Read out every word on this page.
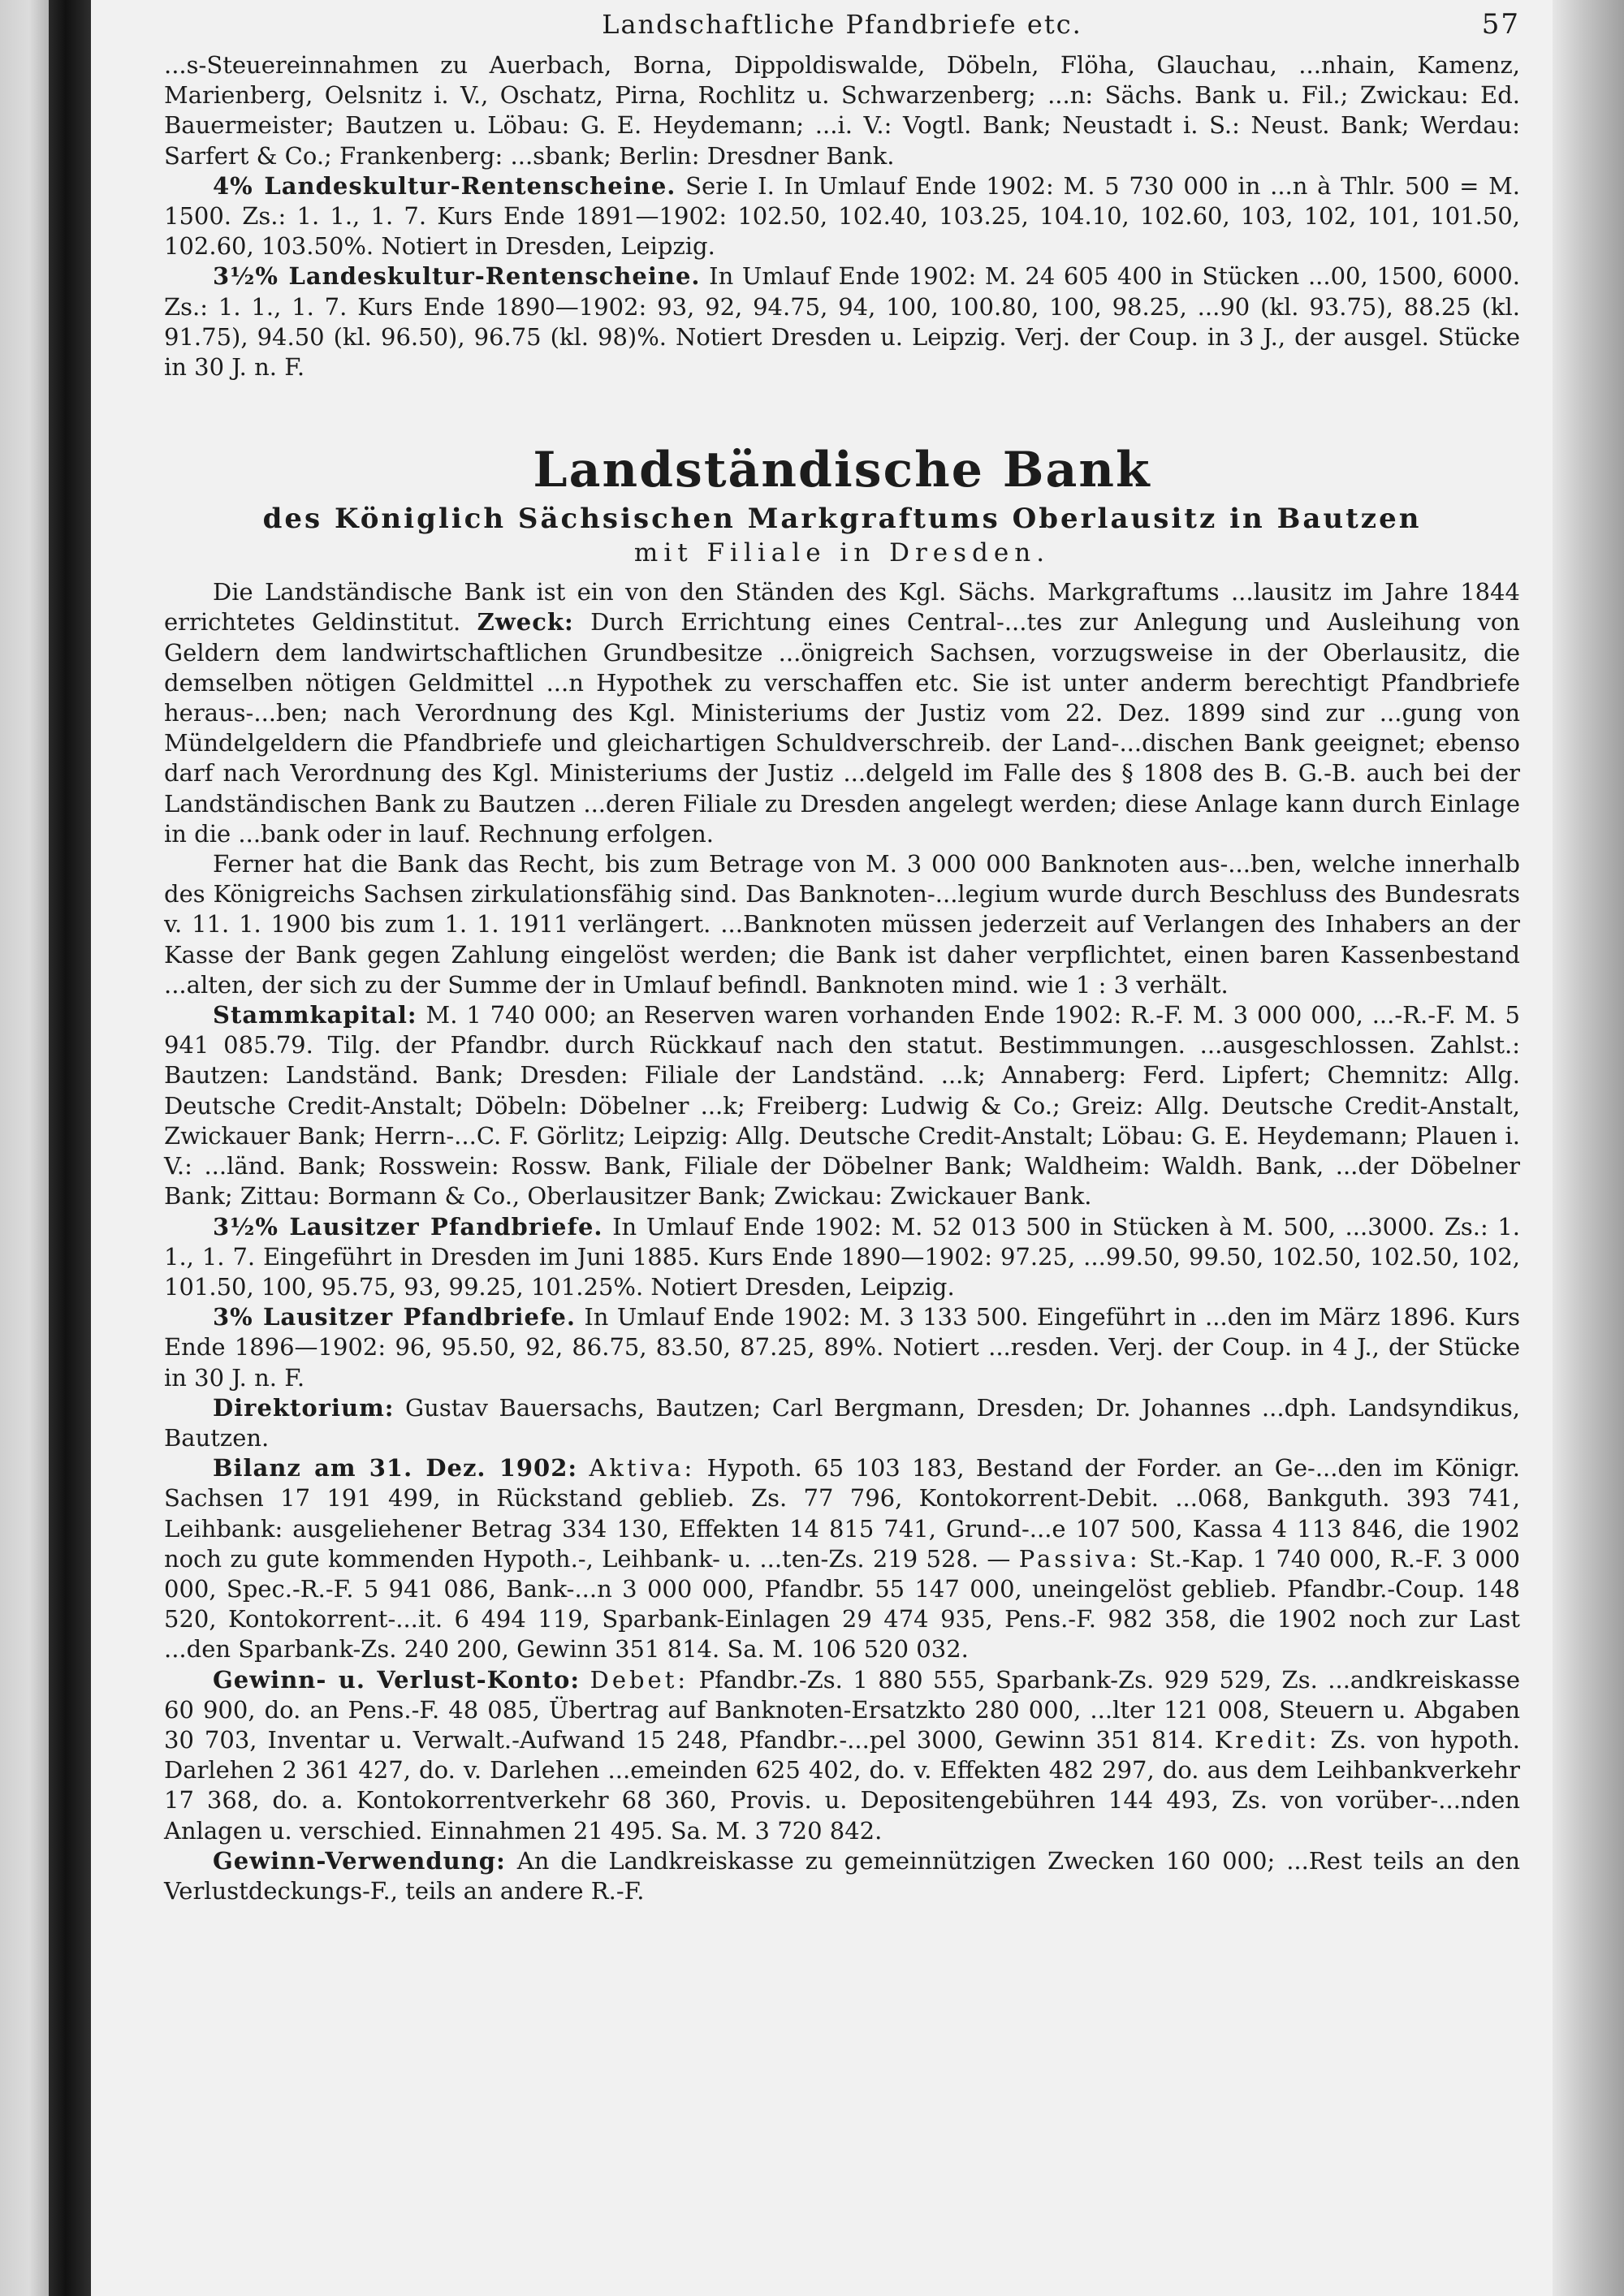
Landschaftliche Pfandbriefe etc.	57

...s-Steuereinnahmen zu Auerbach, Borna, Dippoldiswalde, Döbeln, Flöha, Glauchau, ...nhain, Kamenz, Marienberg, Oelsnitz i. V., Oschatz, Pirna, Rochlitz u. Schwarzenberg; ...n: Sächs. Bank u. Fil.; Zwickau: Ed. Bauermeister; Bautzen u. Löbau: G. E. Heydemann; ...i. V.: Vogtl. Bank; Neustadt i. S.: Neust. Bank; Werdau: Sarfert & Co.; Frankenberg: ...sbank; Berlin: Dresdner Bank.

4% Landeskultur-Rentenscheine. Serie I. In Umlauf Ende 1902: M. 5 730 000 in ...n à Thlr. 500 = M. 1500. Zs.: 1. 1., 1. 7. Kurs Ende 1891—1902: 102.50, 102.40, 103.25, 104.10, 102.60, 103, 102, 101, 101.50, 102.60, 103.50%. Notiert in Dresden, Leipzig.

3½% Landeskultur-Rentenscheine. In Umlauf Ende 1902: M. 24 605 400 in Stücken ...00, 1500, 6000. Zs.: 1. 1., 1. 7. Kurs Ende 1890—1902: 93, 92, 94.75, 94, 100, 100.80, 100, 98.25, ...90 (kl. 93.75), 88.25 (kl. 91.75), 94.50 (kl. 96.50), 96.75 (kl. 98)%. Notiert Dresden u. Leipzig. Verj. der Coup. in 3 J., der ausgel. Stücke in 30 J. n. F.

Landständische Bank
des Königlich Sächsischen Markgraftums Oberlausitz in Bautzen
mit Filiale in Dresden.

Die Landständische Bank ist ein von den Ständen des Kgl. Sächs. Markgraftums ...lausitz im Jahre 1844 errichtetes Geldinstitut. Zweck: Durch Errichtung eines Central-...tes zur Anlegung und Ausleihung von Geldern dem landwirtschaftlichen Grundbesitze ...önigreich Sachsen, vorzugsweise in der Oberlausitz, die demselben nötigen Geldmittel ...n Hypothek zu verschaffen etc. Sie ist unter anderm berechtigt Pfandbriefe heraus-...ben; nach Verordnung des Kgl. Ministeriums der Justiz vom 22. Dez. 1899 sind zur ...gung von Mündelgeldern die Pfandbriefe und gleichartigen Schuldverschreib. der Land-...dischen Bank geeignet; ebenso darf nach Verordnung des Kgl. Ministeriums der Justiz ...delgeld im Falle des § 1808 des B. G.-B. auch bei der Landständischen Bank zu Bautzen ...deren Filiale zu Dresden angelegt werden; diese Anlage kann durch Einlage in die ...bank oder in lauf. Rechnung erfolgen.

Ferner hat die Bank das Recht, bis zum Betrage von M. 3 000 000 Banknoten aus-...ben, welche innerhalb des Königreichs Sachsen zirkulationsfähig sind. Das Banknoten-...legium wurde durch Beschluss des Bundesrats v. 11. 1. 1900 bis zum 1. 1. 1911 verlängert. ...Banknoten müssen jederzeit auf Verlangen des Inhabers an der Kasse der Bank gegen Zahlung eingelöst werden; die Bank ist daher verpflichtet, einen baren Kassenbestand ...alten, der sich zu der Summe der in Umlauf befindl. Banknoten mind. wie 1 : 3 verhält.

Stammkapital: M. 1 740 000; an Reserven waren vorhanden Ende 1902: R.-F. M. 3 000 000, ...-R.-F. M. 5 941 085.79. Tilg. der Pfandbr. durch Rückkauf nach den statut. Bestimmungen. ...ausgeschlossen. Zahlst.: Bautzen: Landständ. Bank; Dresden: Filiale der Landständ. ...k; Annaberg: Ferd. Lipfert; Chemnitz: Allg. Deutsche Credit-Anstalt; Döbeln: Döbelner ...k; Freiberg: Ludwig & Co.; Greiz: Allg. Deutsche Credit-Anstalt, Zwickauer Bank; Herrn-...C. F. Görlitz; Leipzig: Allg. Deutsche Credit-Anstalt; Löbau: G. E. Heydemann; Plauen i. V.: ...länd. Bank; Rosswein: Rossw. Bank, Filiale der Döbelner Bank; Waldheim: Waldh. Bank, ...der Döbelner Bank; Zittau: Bormann & Co., Oberlausitzer Bank; Zwickau: Zwickauer Bank.

3½% Lausitzer Pfandbriefe. In Umlauf Ende 1902: M. 52 013 500 in Stücken à M. 500, ...3000. Zs.: 1. 1., 1. 7. Eingeführt in Dresden im Juni 1885. Kurs Ende 1890—1902: 97.25, ...99.50, 99.50, 102.50, 102.50, 102, 101.50, 100, 95.75, 93, 99.25, 101.25%. Notiert Dresden, Leipzig.

3% Lausitzer Pfandbriefe. In Umlauf Ende 1902: M. 3 133 500. Eingeführt in ...den im März 1896. Kurs Ende 1896—1902: 96, 95.50, 92, 86.75, 83.50, 87.25, 89%. Notiert ...resden. Verj. der Coup. in 4 J., der Stücke in 30 J. n. F.

Direktorium: Gustav Bauersachs, Bautzen; Carl Bergmann, Dresden; Dr. Johannes ...dph. Landsyndikus, Bautzen.

Bilanz am 31. Dez. 1902: Aktiva: Hypoth. 65 103 183, Bestand der Forder. an Ge-...den im Königr. Sachsen 17 191 499, in Rückstand geblieb. Zs. 77 796, Kontokorrent-Debit. ...068, Bankguth. 393 741, Leihbank: ausgeliehener Betrag 334 130, Effekten 14 815 741, Grund-...e 107 500, Kassa 4 113 846, die 1902 noch zu gute kommenden Hypoth.-, Leihbank- u. ...ten-Zs. 219 528. — Passiva: St.-Kap. 1 740 000, R.-F. 3 000 000, Spec.-R.-F. 5 941 086, Bank-...n 3 000 000, Pfandbr. 55 147 000, uneingelöst geblieb. Pfandbr.-Coup. 148 520, Kontokorrent-...it. 6 494 119, Sparbank-Einlagen 29 474 935, Pens.-F. 982 358, die 1902 noch zur Last ...den Sparbank-Zs. 240 200, Gewinn 351 814. Sa. M. 106 520 032.

Gewinn- u. Verlust-Konto: Debet: Pfandbr.-Zs. 1 880 555, Sparbank-Zs. 929 529, Zs. ...andkreiskasse 60 900, do. an Pens.-F. 48 085, Übertrag auf Banknoten-Ersatzkto 280 000, ...lter 121 008, Steuern u. Abgaben 30 703, Inventar u. Verwalt.-Aufwand 15 248, Pfandbr.-...pel 3000, Gewinn 351 814. Kredit: Zs. von hypoth. Darlehen 2 361 427, do. v. Darlehen ...emeinden 625 402, do. v. Effekten 482 297, do. aus dem Leihbankverkehr 17 368, do. a. Kontokorrentverkehr 68 360, Provis. u. Depositengebühren 144 493, Zs. von vorüber-...nden Anlagen u. verschied. Einnahmen 21 495. Sa. M. 3 720 842.

Gewinn-Verwendung: An die Landkreiskasse zu gemeinnützigen Zwecken 160 000; ...Rest teils an den Verlustdeckungs-F., teils an andere R.-F.
